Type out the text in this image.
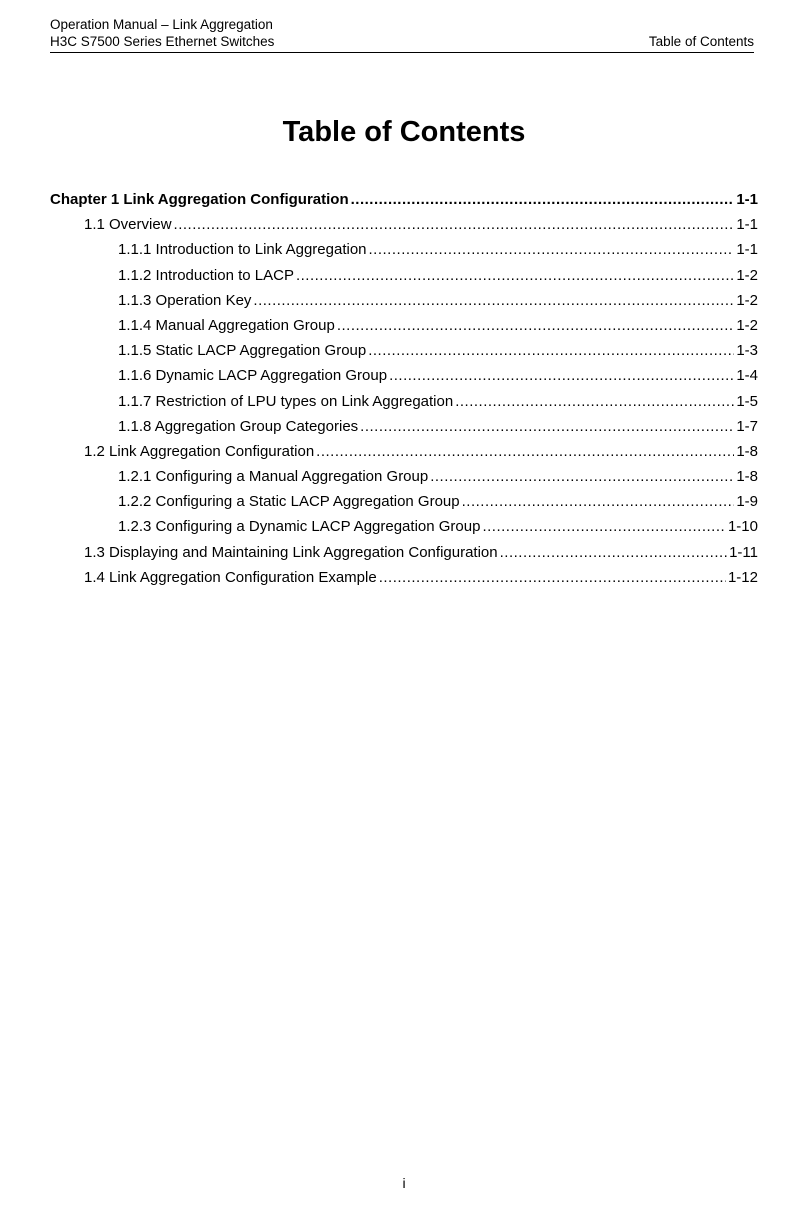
Operation Manual – Link Aggregation
H3C S7500 Series Ethernet Switches	Table of Contents
Table of Contents
Chapter 1 Link Aggregation Configuration .....	1-1
1.1 Overview .....	1-1
1.1.1 Introduction to Link Aggregation .....	1-1
1.1.2 Introduction to LACP .....	1-2
1.1.3 Operation Key .....	1-2
1.1.4 Manual Aggregation Group .....	1-2
1.1.5 Static LACP Aggregation Group .....	1-3
1.1.6 Dynamic LACP Aggregation Group .....	1-4
1.1.7 Restriction of LPU types on Link Aggregation .....	1-5
1.1.8 Aggregation Group Categories .....	1-7
1.2 Link Aggregation Configuration .....	1-8
1.2.1 Configuring a Manual Aggregation Group .....	1-8
1.2.2 Configuring a Static LACP Aggregation Group .....	1-9
1.2.3 Configuring a Dynamic LACP Aggregation Group .....	1-10
1.3 Displaying and Maintaining Link Aggregation Configuration .....	1-11
1.4 Link Aggregation Configuration Example .....	1-12
i
